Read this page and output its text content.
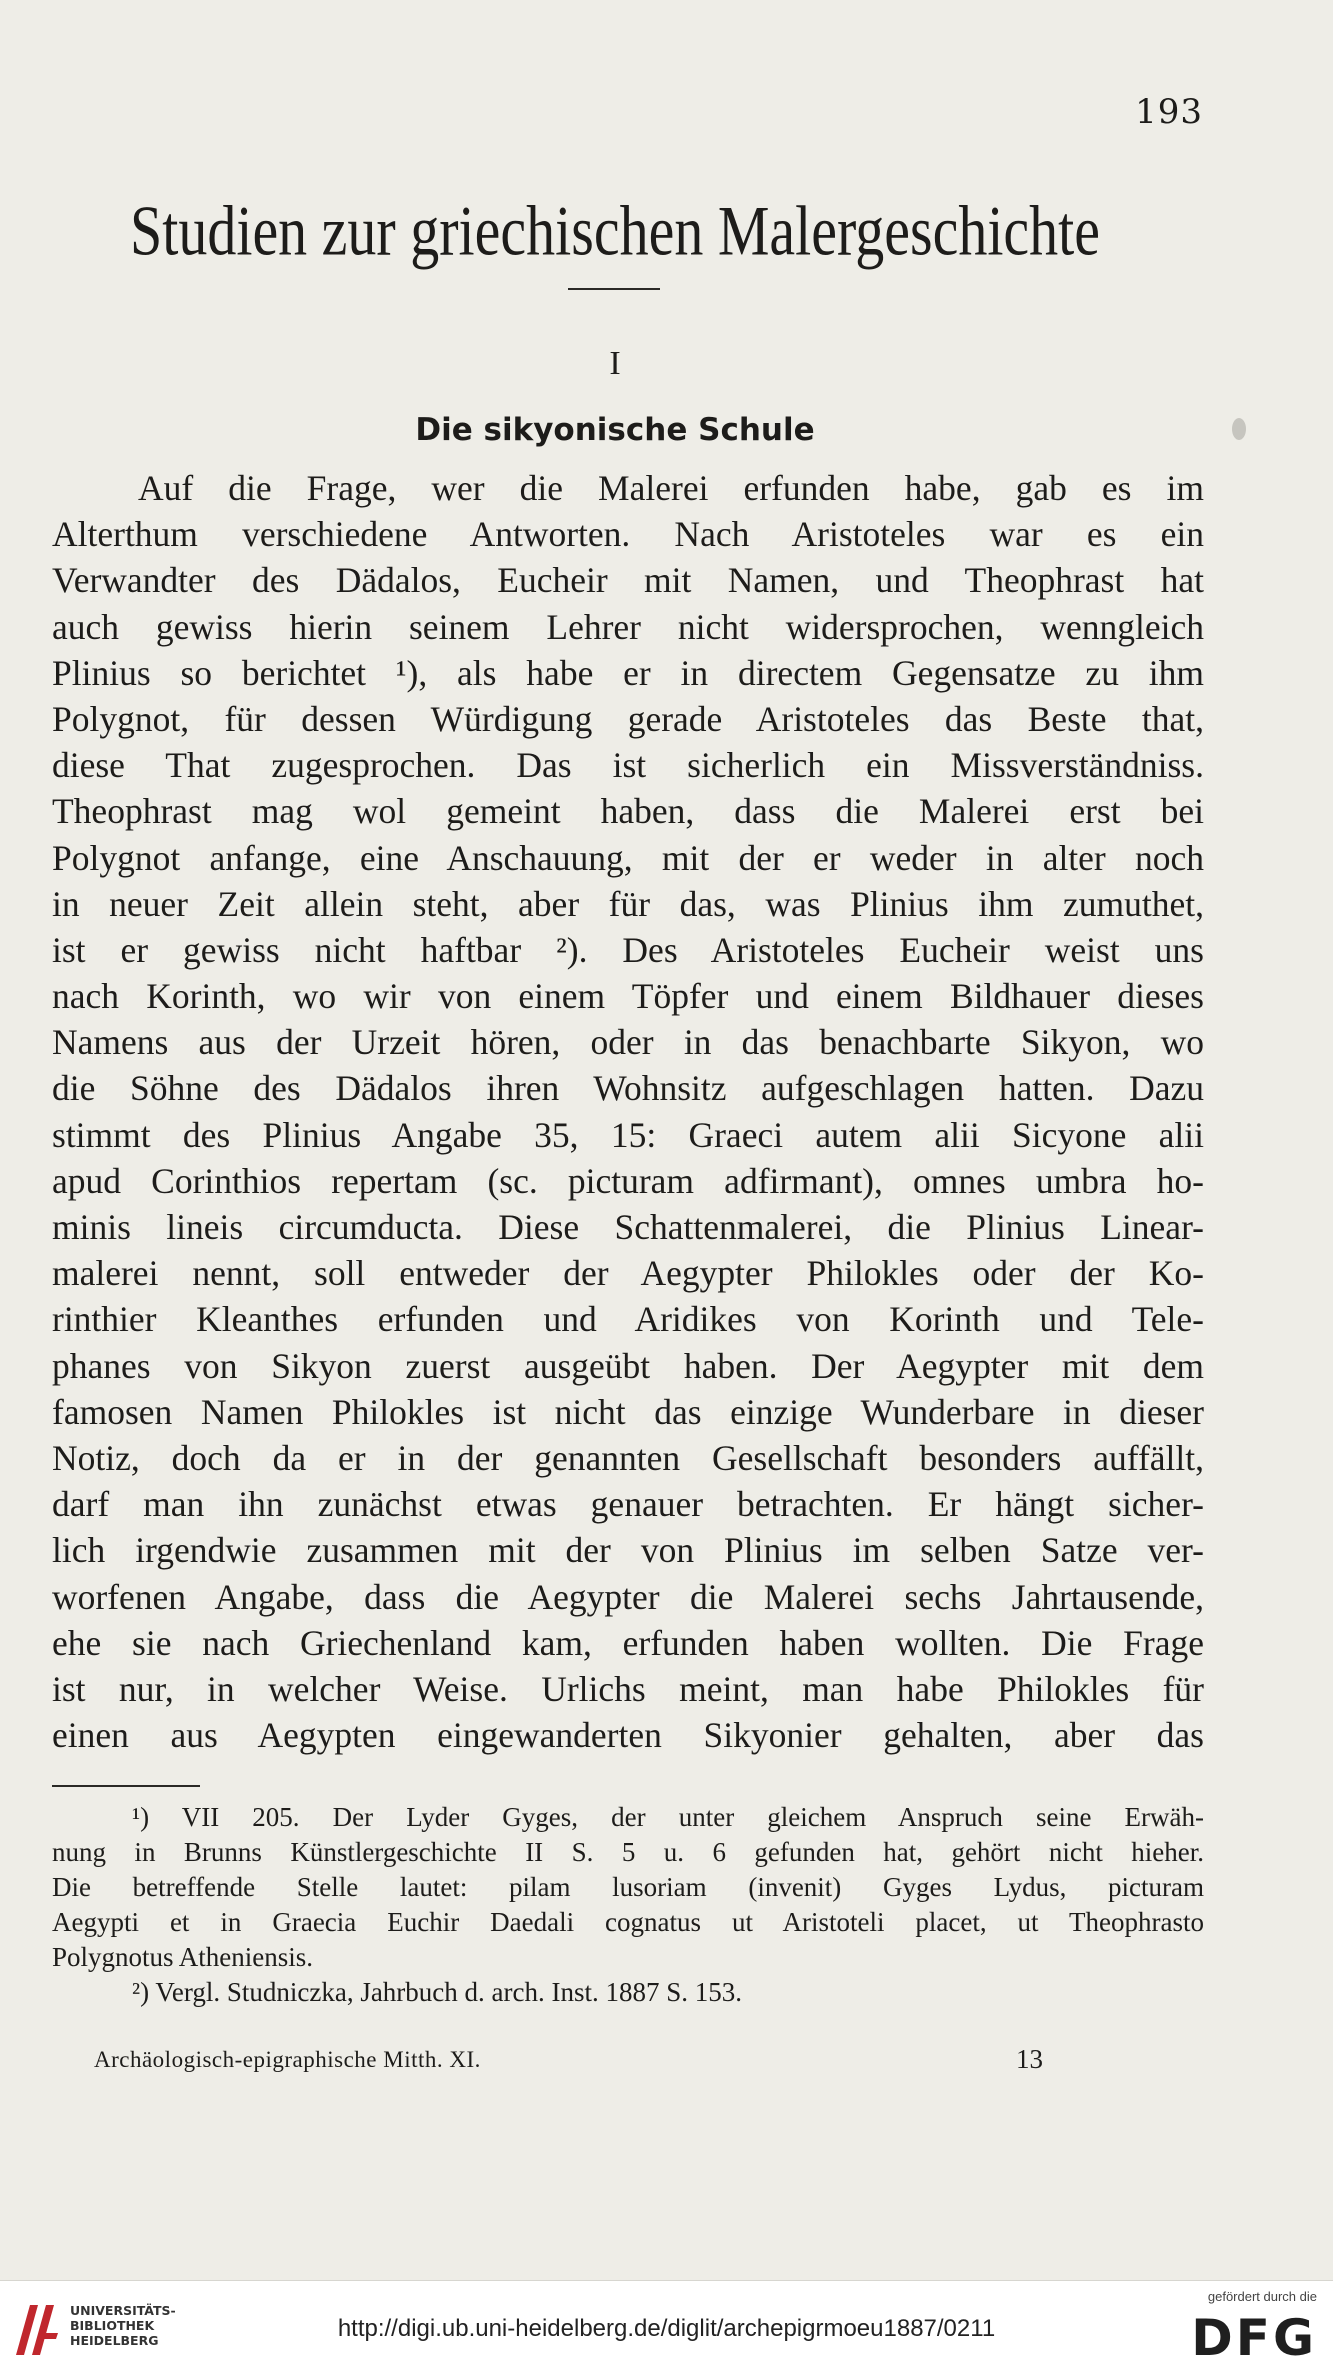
193
Studien zur griechischen Malergeschichte
I
Die sikyonische Schule
Auf die Frage, wer die Malerei erfunden habe, gab es im
Alterthum verschiedene Antworten. Nach Aristoteles war es ein
Verwandter des Dädalos, Eucheir mit Namen, und Theophrast hat
auch gewiss hierin seinem Lehrer nicht widersprochen, wenngleich
Plinius so berichtet ¹), als habe er in directem Gegensatze zu ihm
Polygnot, für dessen Würdigung gerade Aristoteles das Beste that,
diese That zugesprochen. Das ist sicherlich ein Missverständniss.
Theophrast mag wol gemeint haben, dass die Malerei erst bei
Polygnot anfange, eine Anschauung, mit der er weder in alter noch
in neuer Zeit allein steht, aber für das, was Plinius ihm zumuthet,
ist er gewiss nicht haftbar ²). Des Aristoteles Eucheir weist uns
nach Korinth, wo wir von einem Töpfer und einem Bildhauer dieses
Namens aus der Urzeit hören, oder in das benachbarte Sikyon, wo
die Söhne des Dädalos ihren Wohnsitz aufgeschlagen hatten. Dazu
stimmt des Plinius Angabe 35, 15: Graeci autem alii Sicyone alii
apud Corinthios repertam (sc. picturam adfirmant), omnes umbra ho-
minis lineis circumducta. Diese Schattenmalerei, die Plinius Linear-
malerei nennt, soll entweder der Aegypter Philokles oder der Ko-
rinthier Kleanthes erfunden und Aridikes von Korinth und Tele-
phanes von Sikyon zuerst ausgeübt haben. Der Aegypter mit dem
famosen Namen Philokles ist nicht das einzige Wunderbare in dieser
Notiz, doch da er in der genannten Gesellschaft besonders auffällt,
darf man ihn zunächst etwas genauer betrachten. Er hängt sicher-
lich irgendwie zusammen mit der von Plinius im selben Satze ver-
worfenen Angabe, dass die Aegypter die Malerei sechs Jahrtausende,
ehe sie nach Griechenland kam, erfunden haben wollten. Die Frage
ist nur, in welcher Weise. Urlichs meint, man habe Philokles für
einen aus Aegypten eingewanderten Sikyonier gehalten, aber das
¹) VII 205. Der Lyder Gyges, der unter gleichem Anspruch seine Erwäh-
nung in Brunns Künstlergeschichte II S. 5 u. 6 gefunden hat, gehört nicht hieher.
Die betreffende Stelle lautet: pilam lusoriam (invenit) Gyges Lydus, picturam
Aegypti et in Graecia Euchir Daedali cognatus ut Aristoteli placet, ut Theophrasto
Polygnotus Atheniensis.
²) Vergl. Studniczka, Jahrbuch d. arch. Inst. 1887 S. 153.
Archäologisch-epigraphische Mitth. XI.	13
UNIVERSITÄTS-
BIBLIOTHEK
HEIDELBERG	http://digi.ub.uni-heidelberg.de/diglit/archepigrmoeu1887/0211
gefördert durch die
DFG
